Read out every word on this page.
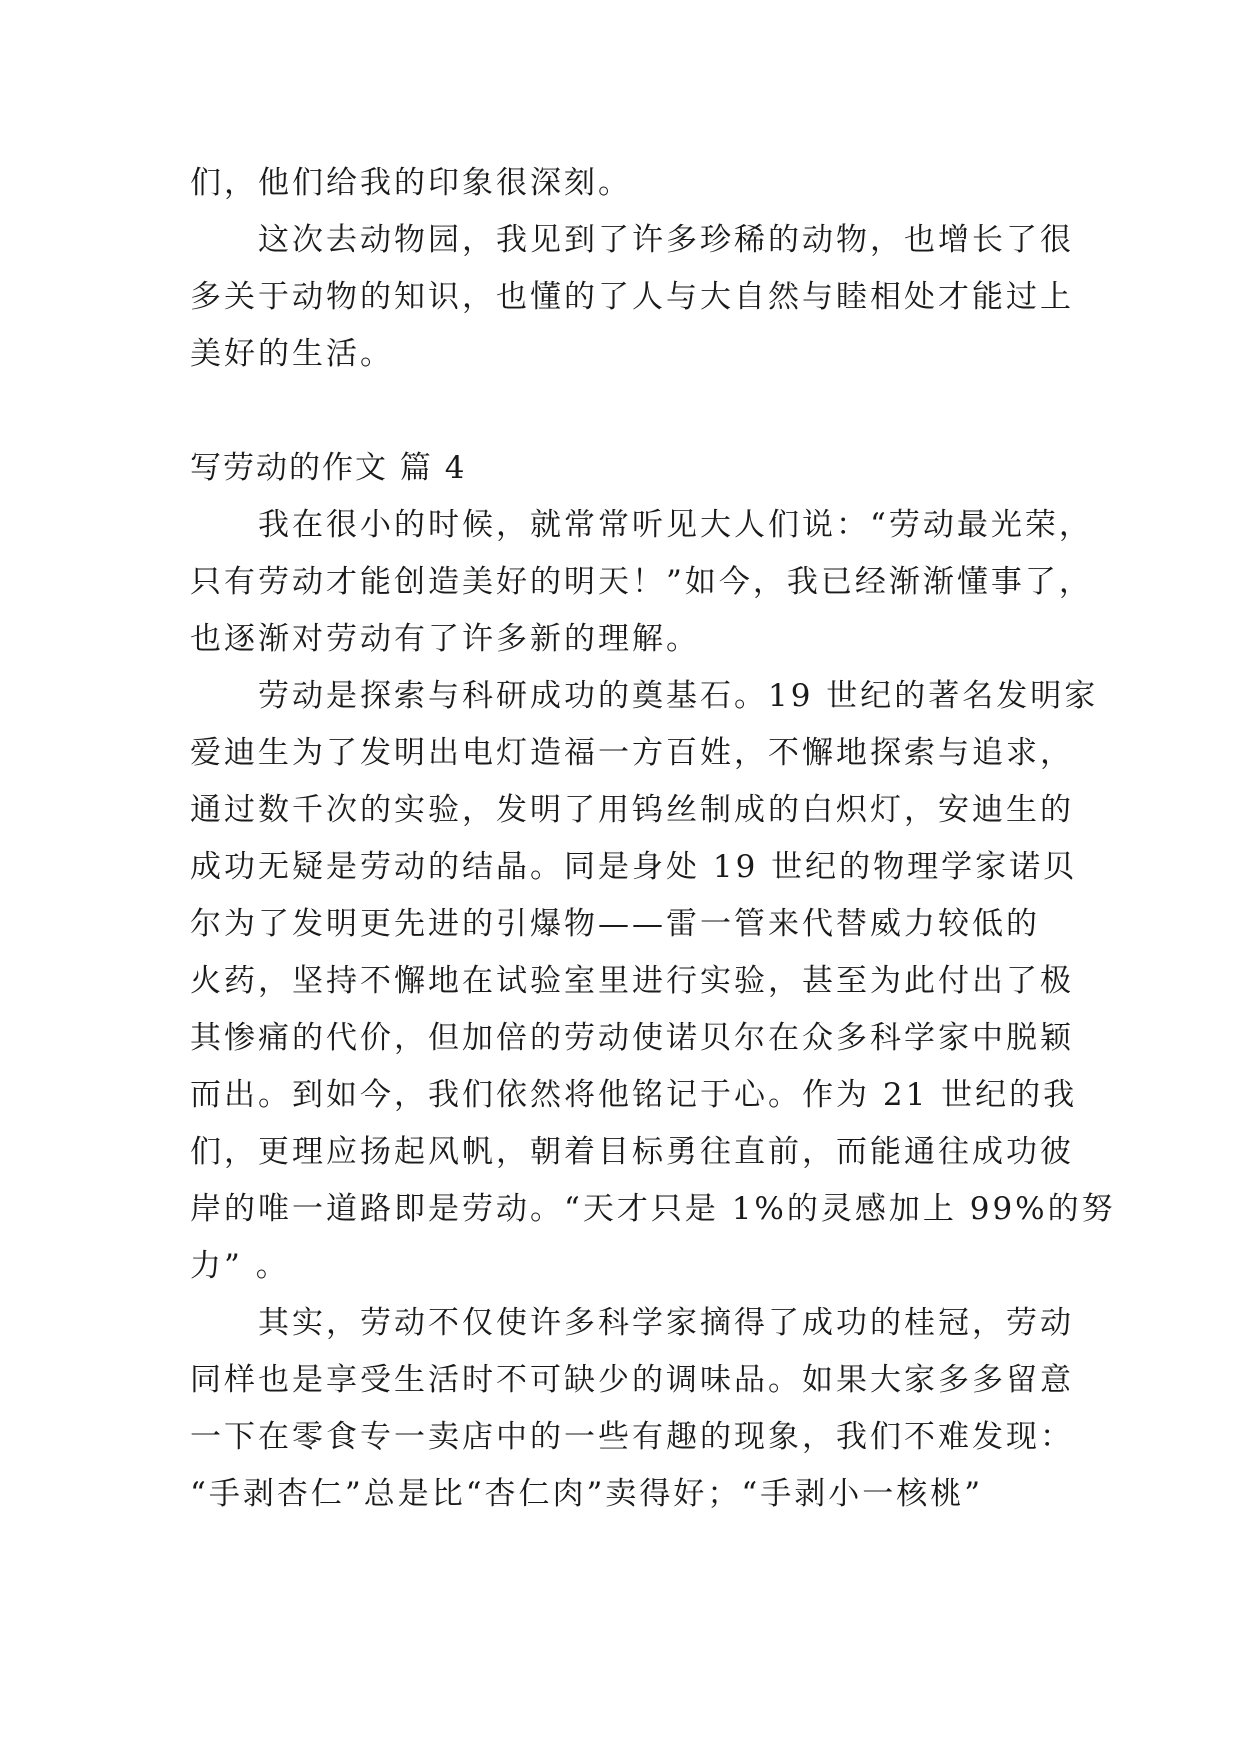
们，他们给我的印象很深刻。
　　这次去动物园，我见到了许多珍稀的动物，也增长了很
多关于动物的知识，也懂的了人与大自然与睦相处才能过上
美好的生活。
写劳动的作文 篇 4
　　我在很小的时候，就常常听见大人们说：“劳动最光荣，
只有劳动才能创造美好的明天！”如今，我已经渐渐懂事了，
也逐渐对劳动有了许多新的理解。
　　劳动是探索与科研成功的奠基石。19 世纪的著名发明家
爱迪生为了发明出电灯造福一方百姓，不懈地探索与追求，
通过数千次的实验，发明了用钨丝制成的白炽灯，安迪生的
成功无疑是劳动的结晶。同是身处 19 世纪的物理学家诺贝
尔为了发明更先进的引爆物——雷一管来代替威力较低的
火药，坚持不懈地在试验室里进行实验，甚至为此付出了极
其惨痛的代价，但加倍的劳动使诺贝尔在众多科学家中脱颖
而出。到如今，我们依然将他铭记于心。作为 21 世纪的我
们，更理应扬起风帆，朝着目标勇往直前，而能通往成功彼
岸的唯一道路即是劳动。“天才只是 1%的灵感加上 99%的努
力” 。
　　其实，劳动不仅使许多科学家摘得了成功的桂冠，劳动
同样也是享受生活时不可缺少的调味品。如果大家多多留意
一下在零食专一卖店中的一些有趣的现象，我们不难发现：
“手剥杏仁”总是比“杏仁肉”卖得好；“手剥小一核桃”
